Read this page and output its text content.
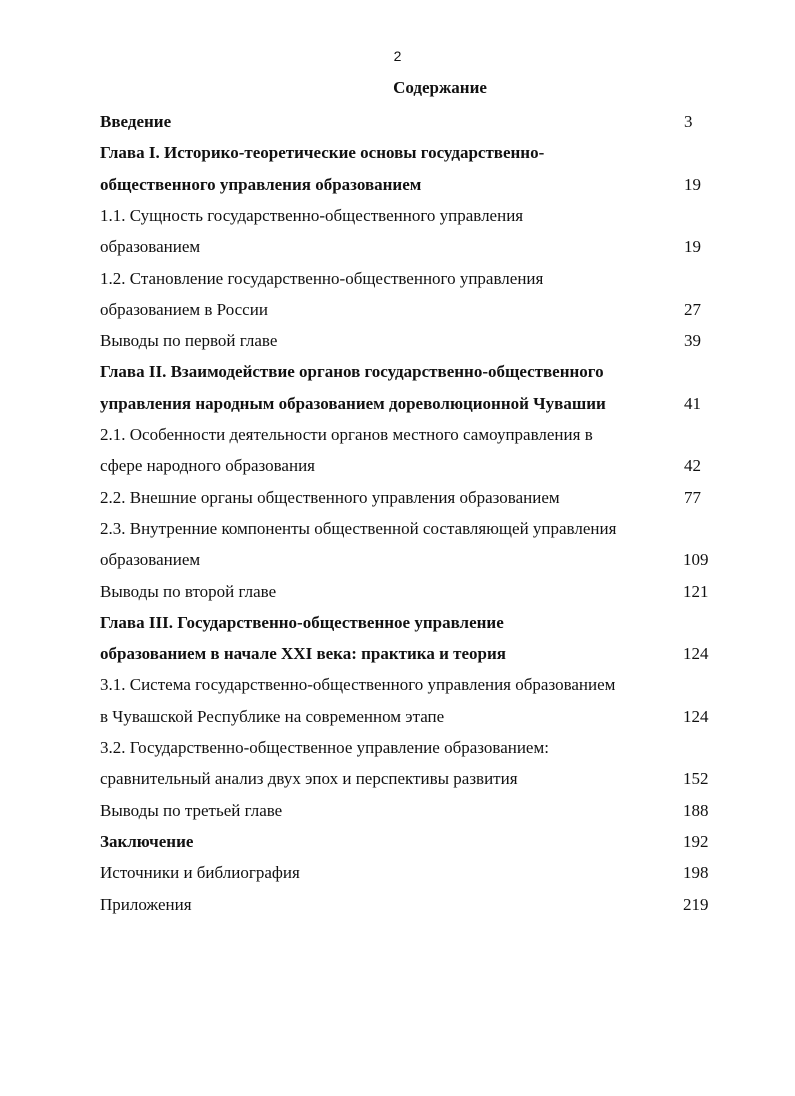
2
Содержание
Введение	3
Глава I. Историко-теоретические основы государственно-
общественного управления образованием	19
1.1. Сущность государственно-общественного управления
образованием	19
1.2. Становление государственно-общественного управления
образованием в России	27
Выводы по первой главе	39
Глава II. Взаимодействие органов государственно-общественного
управления народным образованием дореволюционной Чувашии	41
2.1. Особенности деятельности органов местного самоуправления в
сфере народного образования	42
2.2. Внешние органы общественного управления образованием	77
2.3. Внутренние компоненты общественной составляющей управления
образованием	109
Выводы по второй главе	121
Глава III. Государственно-общественное управление
образованием в начале XXI века: практика и теория	124
3.1. Система государственно-общественного управления образованием
в Чувашской Республике на современном этапе	124
3.2. Государственно-общественное управление образованием:
сравнительный анализ двух эпох и перспективы развития	152
Выводы по третьей главе	188
Заключение	192
Источники и библиография	198
Приложения	219
